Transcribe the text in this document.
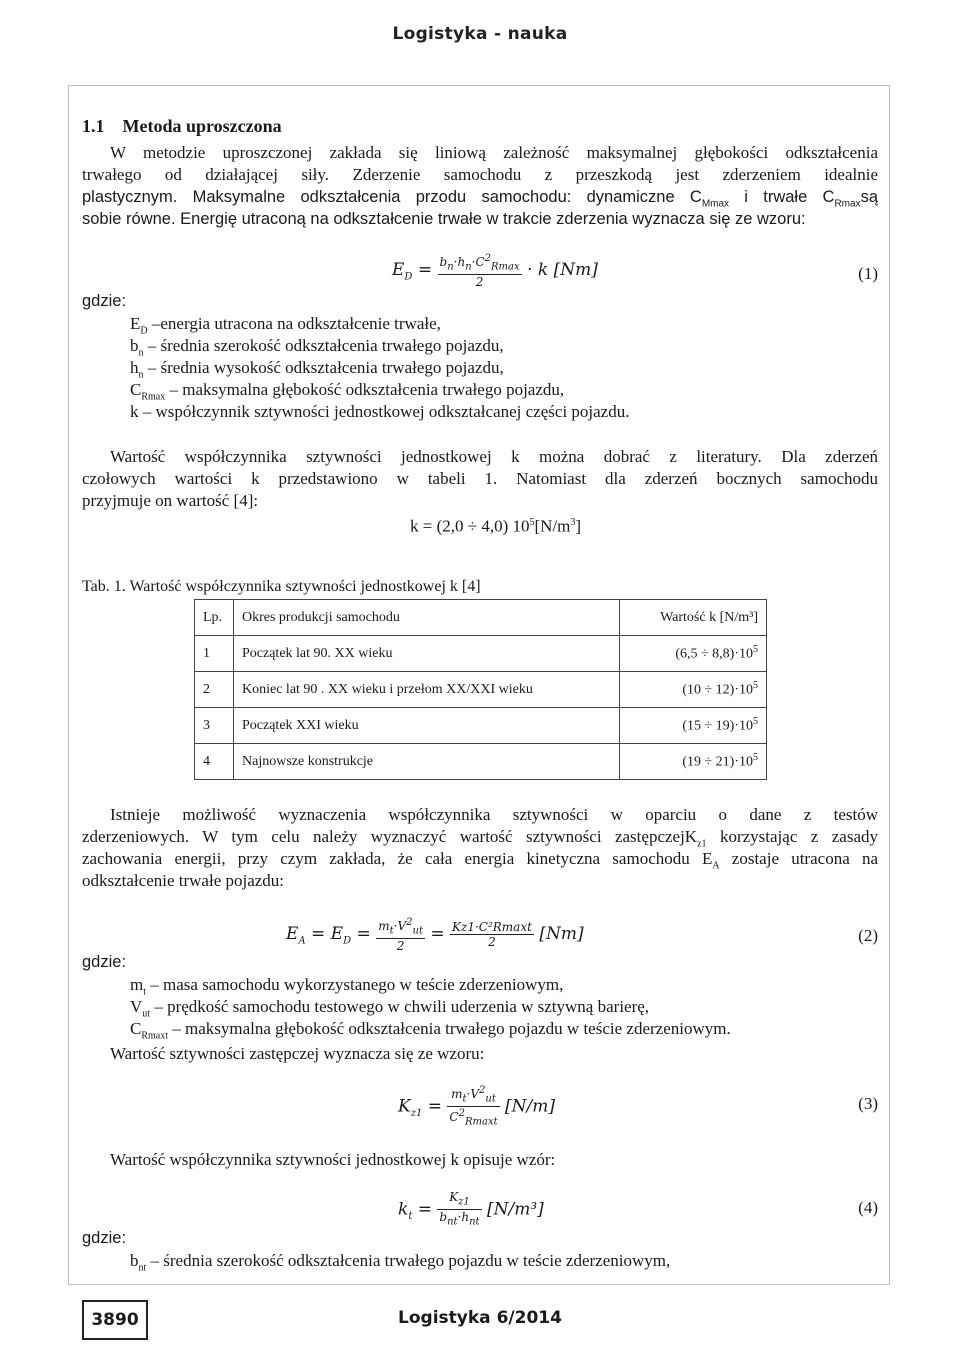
Logistyka - nauka
1.1 Metoda uproszczona
W metodzie uproszczonej zakłada się liniową zależność maksymalnej głębokości odkształcenia
trwałego od działającej siły. Zderzenie samochodu z przeszkodą jest zderzeniem idealnie
plastycznym. Maksymalne odkształcenia przodu samochodu: dynamiczne $C_{Mmax}$ i trwałe $C_{Rmax}są$
sobie równe. Energię utraconą na odkształcenie trwałe w trakcie zderzenia wyznacza się ze wzoru:
$E_D = \frac{b_n\cdot h_n\cdot C^2_{Rmax}}{2} \cdot k$ [Nm]	(1)
gdzie:
$E_D$ –energia utracona na odkształcenie trwałe,
$b_n$ – średnia szerokość odkształcenia trwałego pojazdu,
$h_n$ – średnia wysokość odkształcenia trwałego pojazdu,
$C_{Rmax}$ – maksymalna głębokość odkształcenia trwałego pojazdu,
k – współczynnik sztywności jednostkowej odkształcanej części pojazdu.
Wartość współczynnika sztywności jednostkowej k można dobrać z literatury. Dla zderzeń
czołowych wartości k przedstawiono w tabeli 1. Natomiast dla zderzeń bocznych samochodu
przyjmuje on wartość [4]:
k = (2,0 ÷ 4,0) $10^5[N/m^3]$
Tab. 1. Wartość współczynnika sztywności jednostkowej k [4]
Lp.	Okres produkcji samochodu	Wartość k [N/m³]
1	Początek lat 90. XX wieku	$(6,5 \div 8,8)\cdot 10^5$
2	Koniec lat 90 . XX wieku i przełom XX/XXI wieku	$(10 \div 12)\cdot 10^5$
3	Początek XXI wieku	$(15 \div 19)\cdot 10^5$
4	Najnowsze konstrukcje	$(19 \div 21)\cdot 10^5$
Istnieje możliwość wyznaczenia współczynnika sztywności w oparciu o dane z testów
zderzeniowych. W tym celu należy wyznaczyć wartość sztywności zastępczejK$_{z1}$ korzystając z zasady
zachowania energii, przy czym zakłada, że cała energia kinetyczna samochodu $E_A$ zostaje utracona na
odkształcenie trwałe pojazdu:
$E_A = E_D = \frac{m_t\cdot V^2_{ut}}{2} = \frac{\text{Kz1·C²Rmaxt}}{2} [Nm]$	(2)
gdzie:
$m_t$ – masa samochodu wykorzystanego w teście zderzeniowym,
$V_{ut}$ – prędkość samochodu testowego w chwili uderzenia w sztywną barierę,
$C_{Rmaxt}$ – maksymalna głębokość odkształcenia trwałego pojazdu w teście zderzeniowym.
Wartość sztywności zastępczej wyznacza się ze wzoru:
$K_{z1} = \frac{m_t\cdot V^2_{ut}}{C^2_{Rmaxt}} [N/m]$	(3)
Wartość współczynnika sztywności jednostkowej k opisuje wzór:
$k_t = \frac{K_{z1}}{b_{nt}\cdot h_{nt}} [N/m^3]$	(4)
gdzie:
$b_{nt}$ – średnia szerokość odkształcenia trwałego pojazdu w teście zderzeniowym,
3890	Logistyka 6/2014
